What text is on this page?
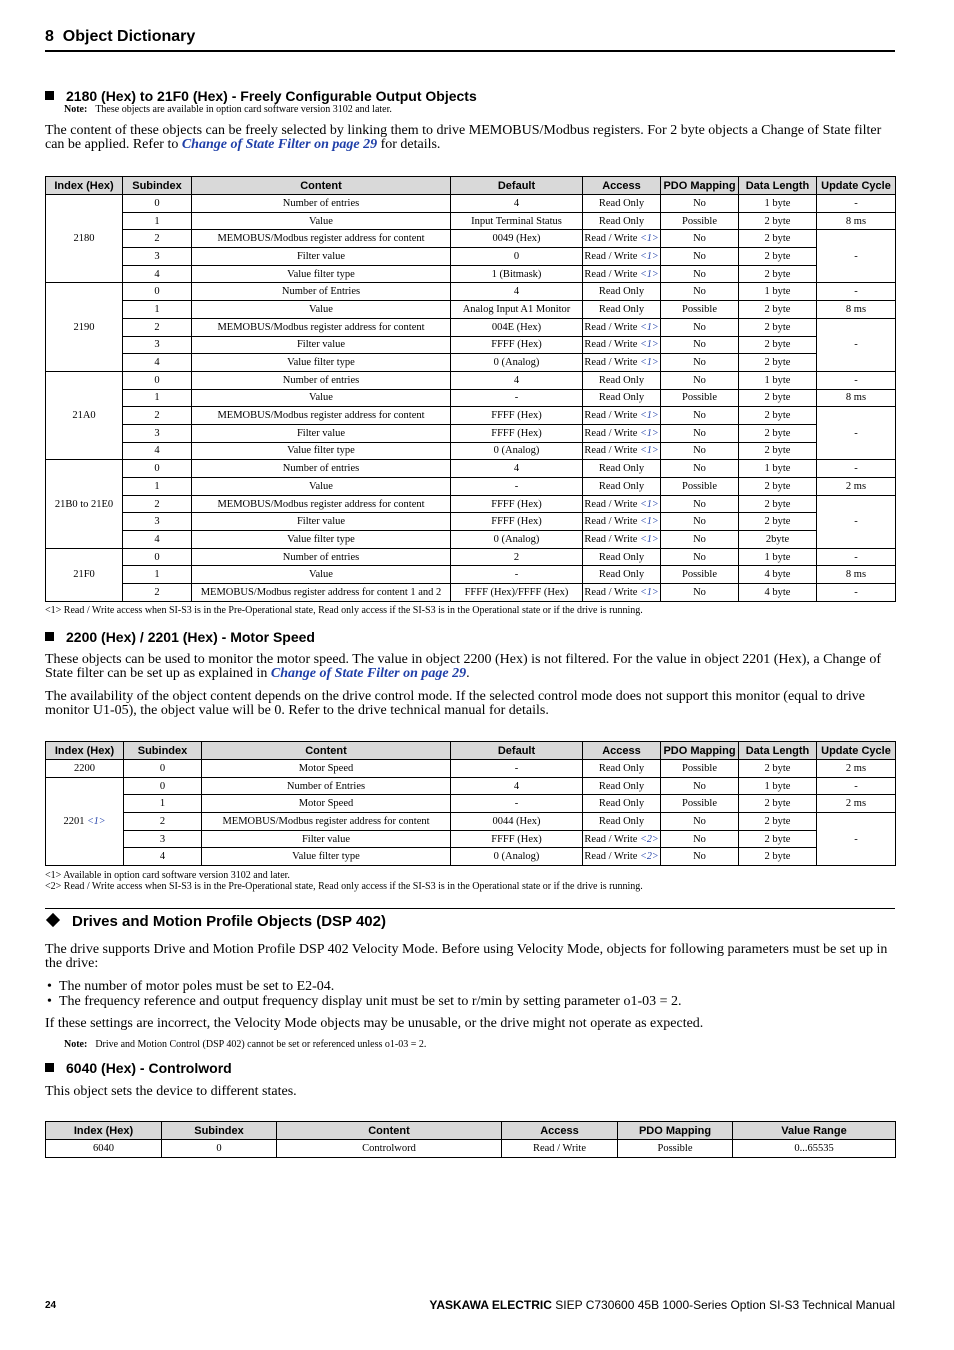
8 Object Dictionary
2180 (Hex) to 21F0 (Hex) - Freely Configurable Output Objects
Note: These objects are available in option card software version 3102 and later.
The content of these objects can be freely selected by linking them to drive MEMOBUS/Modbus registers. For 2 byte objects a Change of State filter can be applied. Refer to Change of State Filter on page 29 for details.
Index (Hex)	Subindex	Content	Default	Access	PDO Mapping	Data Length	Update Cycle
2180	0	Number of entries	4	Read Only	No	1 byte	-
	1	Value	Input Terminal Status	Read Only	Possible	2 byte	8 ms
	2	MEMOBUS/Modbus register address for content	0049 (Hex)	Read / Write <1>	No	2 byte	-
	3	Filter value	0	Read / Write <1>	No	2 byte	
	4	Value filter type	1 (Bitmask)	Read / Write <1>	No	2 byte	
2190	0	Number of Entries	4	Read Only	No	1 byte	-
	1	Value	Analog Input A1 Monitor	Read Only	Possible	2 byte	8 ms
	2	MEMOBUS/Modbus register address for content	004E (Hex)	Read / Write <1>	No	2 byte	-
	3	Filter value	FFFF (Hex)	Read / Write <1>	No	2 byte	
	4	Value filter type	0 (Analog)	Read / Write <1>	No	2 byte	
21A0	0	Number of entries	4	Read Only	No	1 byte	-
	1	Value	-	Read Only	Possible	2 byte	8 ms
	2	MEMOBUS/Modbus register address for content	FFFF (Hex)	Read / Write <1>	No	2 byte	-
	3	Filter value	FFFF (Hex)	Read / Write <1>	No	2 byte	
	4	Value filter type	0 (Analog)	Read / Write <1>	No	2 byte	
21B0 to 21E0	0	Number of entries	4	Read Only	No	1 byte	-
	1	Value	-	Read Only	Possible	2 byte	2 ms
	2	MEMOBUS/Modbus register address for content	FFFF (Hex)	Read / Write <1>	No	2 byte	-
	3	Filter value	FFFF (Hex)	Read / Write <1>	No	2 byte	
	4	Value filter type	0 (Analog)	Read / Write <1>	No	2byte	
21F0	0	Number of entries	2	Read Only	No	1 byte	-
	1	Value	-	Read Only	Possible	4 byte	8 ms
	2	MEMOBUS/Modbus register address for content 1 and 2	FFFF (Hex)/FFFF (Hex)	Read / Write <1>	No	4 byte	-
<1> Read / Write access when SI-S3 is in the Pre-Operational state, Read only access if the SI-S3 is in the Operational state or if the drive is running.
2200 (Hex) / 2201 (Hex) - Motor Speed
These objects can be used to monitor the motor speed. The value in object 2200 (Hex) is not filtered. For the value in object 2201 (Hex), a Change of State filter can be set up as explained in Change of State Filter on page 29.
The availability of the object content depends on the drive control mode. If the selected control mode does not support this monitor (equal to drive monitor U1-05), the object value will be 0. Refer to the drive technical manual for details.
Index (Hex)	Subindex	Content	Default	Access	PDO Mapping	Data Length	Update Cycle
2200	0	Motor Speed	-	Read Only	Possible	2 byte	2 ms
2201 <1>	0	Number of Entries	4	Read Only	No	1 byte	-
	1	Motor Speed	-	Read Only	Possible	2 byte	2 ms
	2	MEMOBUS/Modbus register address for content	0044 (Hex)	Read Only	No	2 byte	-
	3	Filter value	FFFF (Hex)	Read / Write <2>	No	2 byte	
	4	Value filter type	0 (Analog)	Read / Write <2>	No	2 byte	
<1> Available in option card software version 3102 and later.
<2> Read / Write access when SI-S3 is in the Pre-Operational state, Read only access if the SI-S3 is in the Operational state or if the drive is running.
Drives and Motion Profile Objects (DSP 402)
The drive supports Drive and Motion Profile DSP 402 Velocity Mode. Before using Velocity Mode, objects for following parameters must be set up in the drive:
• The number of motor poles must be set to E2-04.
• The frequency reference and output frequency display unit must be set to r/min by setting parameter o1-03 = 2.
If these settings are incorrect, the Velocity Mode objects may be unusable, or the drive might not operate as expected.
Note: Drive and Motion Control (DSP 402) cannot be set or referenced unless o1-03 = 2.
6040 (Hex) - Controlword
This object sets the device to different states.
Index (Hex)	Subindex	Content	Access	PDO Mapping	Value Range
6040	0	Controlword	Read / Write	Possible	0...65535
24	YASKAWA ELECTRIC SIEP C730600 45B 1000-Series Option SI-S3 Technical Manual
